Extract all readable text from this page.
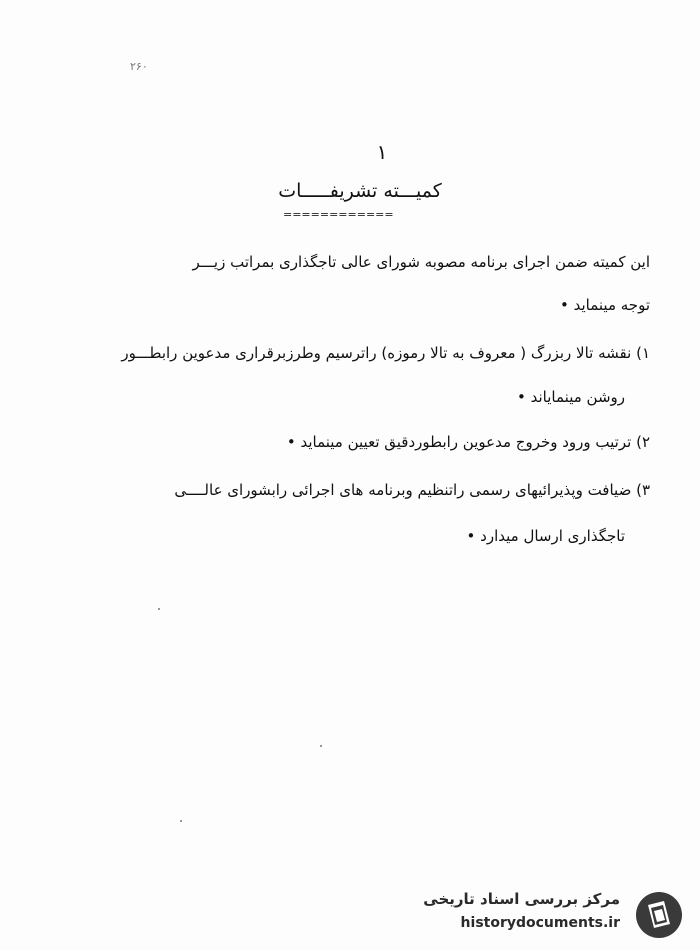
۲۶۰
۱
کمیـــته تشریفـــــات
============
این کمیته ضمن اجرای برنامه مصوبه شورای عالی تاجگذاری بمراتب زیـــر
توجه مینماید •
۱) نقشه تالا ربزرگ ( معروف به تالا رموزه) راترسیم وطرزبرقراری مدعوین رابطـــور
روشن مینمایاند •
۲) ترتیب ورود وخروج مدعوین رابطوردقیق تعیین مینماید •
۳) ضیافت وپذیرائیهای رسمی راتنظیم وبرنامه های اجرائی رابشورای عالــــی
تاجگذاری ارسال میدارد •
مرکز بررسی اسناد تاریخی
historydocuments.ir
